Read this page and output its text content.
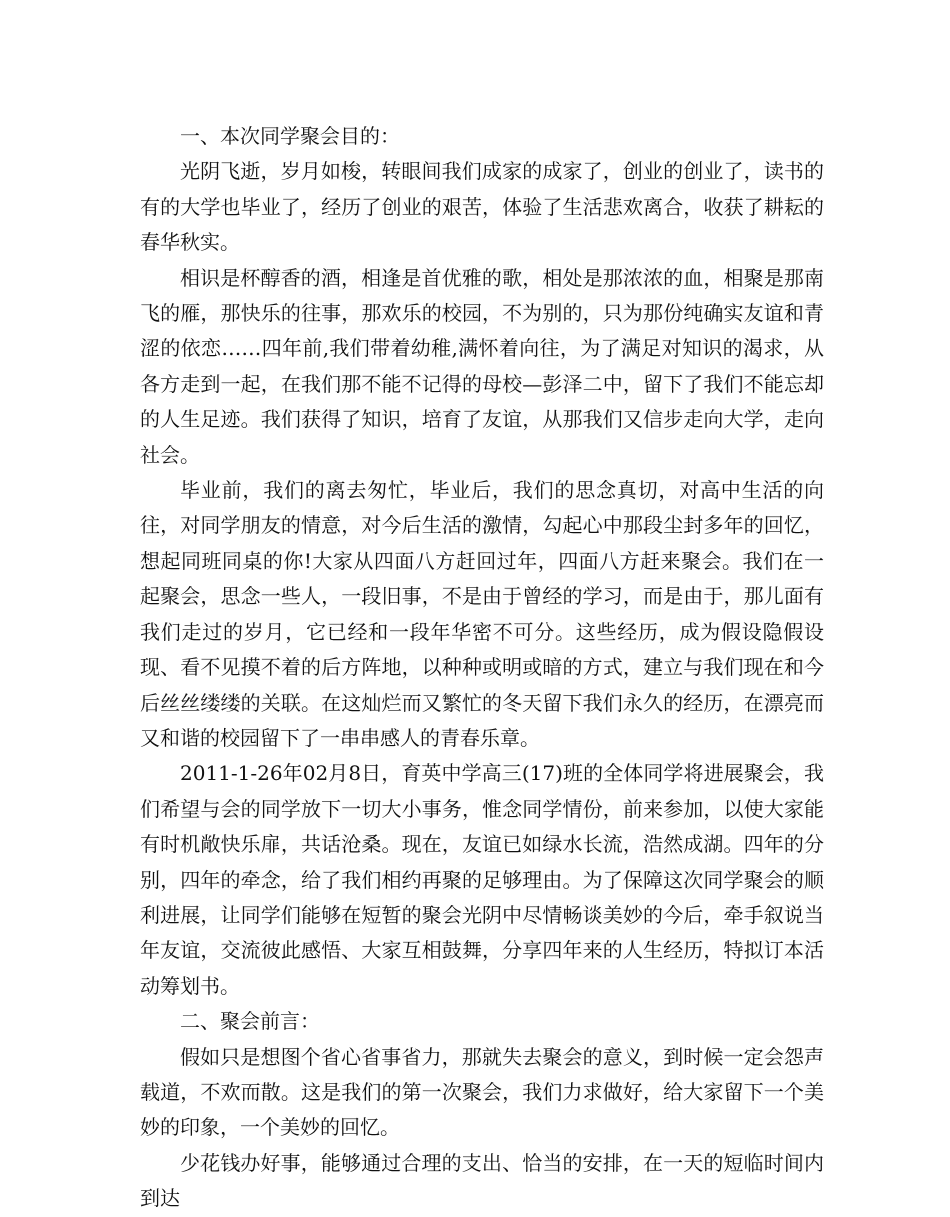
一、本次同学聚会目的：

光阴飞逝，岁月如梭，转眼间我们成家的成家了，创业的创业了，读书的有的大学也毕业了，经历了创业的艰苦，体验了生活悲欢离合，收获了耕耘的春华秋实。

相识是杯醇香的酒，相逢是首优雅的歌，相处是那浓浓的血，相聚是那南飞的雁，那快乐的往事，那欢乐的校园，不为别的，只为那份纯确实友谊和青涩的依恋……四年前,我们带着幼稚,满怀着向往，为了满足对知识的渴求，从各方走到一起，在我们那不能不记得的母校—彭泽二中，留下了我们不能忘却的人生足迹。我们获得了知识，培育了友谊，从那我们又信步走向大学，走向社会。

毕业前，我们的离去匆忙，毕业后，我们的思念真切，对高中生活的向往，对同学朋友的情意，对今后生活的激情，勾起心中那段尘封多年的回忆，想起同班同桌的你!大家从四面八方赶回过年，四面八方赶来聚会。我们在一起聚会，思念一些人，一段旧事，不是由于曾经的学习，而是由于，那儿面有我们走过的岁月，它已经和一段年华密不可分。这些经历，成为假设隐假设现、看不见摸不着的后方阵地，以种种或明或暗的方式，建立与我们现在和今后丝丝缕缕的关联。在这灿烂而又繁忙的冬天留下我们永久的经历，在漂亮而又和谐的校园留下了一串串感人的青春乐章。

2011-1-26年02月8日，育英中学高三(17)班的全体同学将进展聚会，我们希望与会的同学放下一切大小事务，惟念同学情份，前来参加，以使大家能有时机敞快乐扉，共话沧桑。现在，友谊已如绿水长流，浩然成湖。四年的分别，四年的牵念，给了我们相约再聚的足够理由。为了保障这次同学聚会的顺利进展，让同学们能够在短暂的聚会光阴中尽情畅谈美妙的今后，牵手叙说当年友谊，交流彼此感悟、大家互相鼓舞，分享四年来的人生经历，特拟订本活动筹划书。

二、聚会前言：

假如只是想图个省心省事省力，那就失去聚会的意义，到时候一定会怨声载道，不欢而散。这是我们的第一次聚会，我们力求做好，给大家留下一个美妙的印象，一个美妙的回忆。

少花钱办好事，能够通过合理的支出、恰当的安排，在一天的短临时间内到达
